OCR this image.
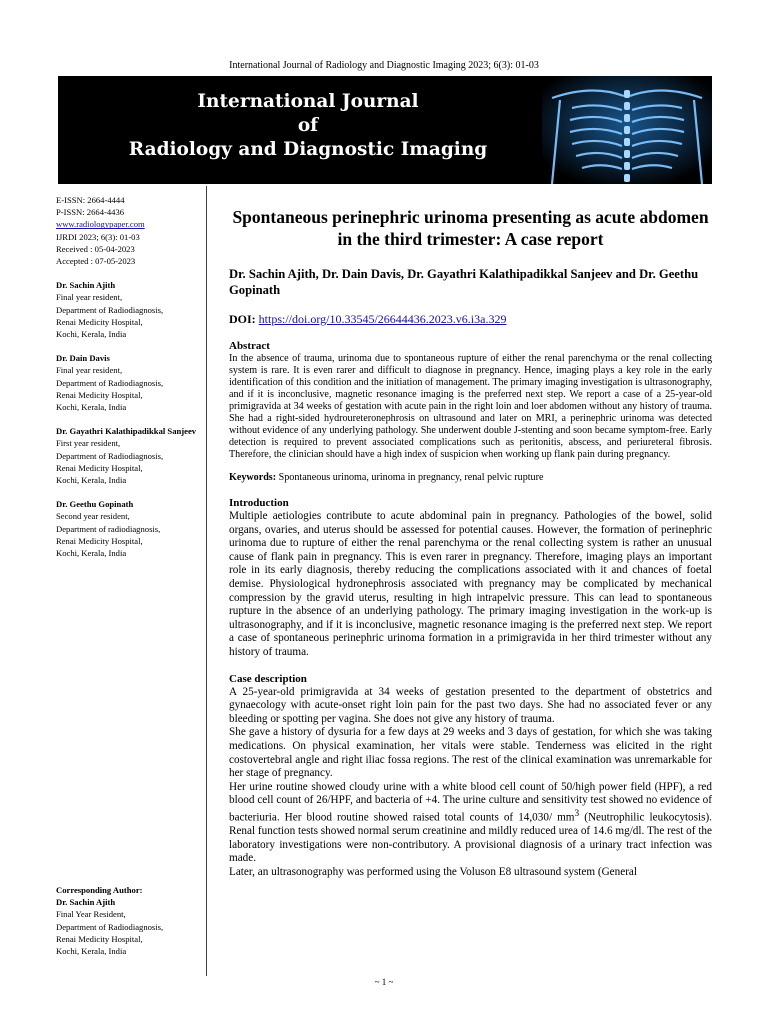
International Journal of Radiology and Diagnostic Imaging 2023; 6(3): 01-03
International Journal
of
Radiology and Diagnostic Imaging
E-ISSN: 2664-4444
P-ISSN: 2664-4436
www.radiologypaper.com
IJRDI 2023; 6(3): 01-03
Received : 05-04-2023
Accepted : 07-05-2023
Dr. Sachin Ajith
Final year resident,
Department of Radiodiagnosis,
Renai Medicity Hospital,
Kochi, Kerala, India
Dr. Dain Davis
Final year resident,
Department of Radiodiagnosis,
Renai Medicity Hospital,
Kochi, Kerala, India
Dr. Gayathri Kalathipadikkal Sanjeev
First year resident,
Department of Radiodiagnosis,
Renai Medicity Hospital,
Kochi, Kerala, India
Dr. Geethu Gopinath
Second year resident,
Department of radiodiagnosis,
Renai Medicity Hospital,
Kochi, Kerala, India
Corresponding Author:
Dr. Sachin Ajith
Final Year Resident,
Department of Radiodiagnosis,
Renai Medicity Hospital,
Kochi, Kerala, India
Spontaneous perinephric urinoma presenting as acute abdomen in the third trimester: A case report
Dr. Sachin Ajith, Dr. Dain Davis, Dr. Gayathri Kalathipadikkal Sanjeev and Dr. Geethu Gopinath
DOI: https://doi.org/10.33545/26644436.2023.v6.i3a.329
Abstract
In the absence of trauma, urinoma due to spontaneous rupture of either the renal parenchyma or the renal collecting system is rare. It is even rarer and difficult to diagnose in pregnancy. Hence, imaging plays a key role in the early identification of this condition and the initiation of management. The primary imaging investigation is ultrasonography, and if it is inconclusive, magnetic resonance imaging is the preferred next step. We report a case of a 25-year-old primigravida at 34 weeks of gestation with acute pain in the right loin and loer abdomen without any history of trauma. She had a right-sided hydroureteronephrosis on ultrasound and later on MRI, a perinephric urinoma was detected without evidence of any underlying pathology. She underwent double J-stenting and soon became symptom-free. Early detection is required to prevent associated complications such as peritonitis, abscess, and periureteral fibrosis. Therefore, the clinician should have a high index of suspicion when working up flank pain during pregnancy.
Keywords: Spontaneous urinoma, urinoma in pregnancy, renal pelvic rupture
Introduction
Multiple aetiologies contribute to acute abdominal pain in pregnancy. Pathologies of the bowel, solid organs, ovaries, and uterus should be assessed for potential causes. However, the formation of perinephric urinoma due to rupture of either the renal parenchyma or the renal collecting system is rather an unusual cause of flank pain in pregnancy. This is even rarer in pregnancy. Therefore, imaging plays an important role in its early diagnosis, thereby reducing the complications associated with it and chances of foetal demise. Physiological hydronephrosis associated with pregnancy may be complicated by mechanical compression by the gravid uterus, resulting in high intrapelvic pressure. This can lead to spontaneous rupture in the absence of an underlying pathology. The primary imaging investigation in the work-up is ultrasonography, and if it is inconclusive, magnetic resonance imaging is the preferred next step. We report a case of spontaneous perinephric urinoma formation in a primigravida in her third trimester without any history of trauma.
Case description

A 25-year-old primigravida at 34 weeks of gestation presented to the department of obstetrics and gynaecology with acute-onset right loin pain for the past two days. She had no associated fever or any bleeding or spotting per vagina. She does not give any history of trauma.

She gave a history of dysuria for a few days at 29 weeks and 3 days of gestation, for which she was taking medications. On physical examination, her vitals were stable. Tenderness was elicited in the right costovertebral angle and right iliac fossa regions. The rest of the clinical examination was unremarkable for her stage of pregnancy.

Her urine routine showed cloudy urine with a white blood cell count of 50/high power field (HPF), a red blood cell count of 26/HPF, and bacteria of +4. The urine culture and sensitivity test showed no evidence of bacteriuria. Her blood routine showed raised total counts of 14,030/ $mm^3$ (Neutrophilic leukocytosis). Renal function tests showed normal serum creatinine and mildly reduced urea of 14.6 mg/dl. The rest of the laboratory investigations were non-contributory. A provisional diagnosis of a urinary tract infection was made.

Later, an ultrasonography was performed using the Voluson E8 ultrasound system (General

~ 1 ~
